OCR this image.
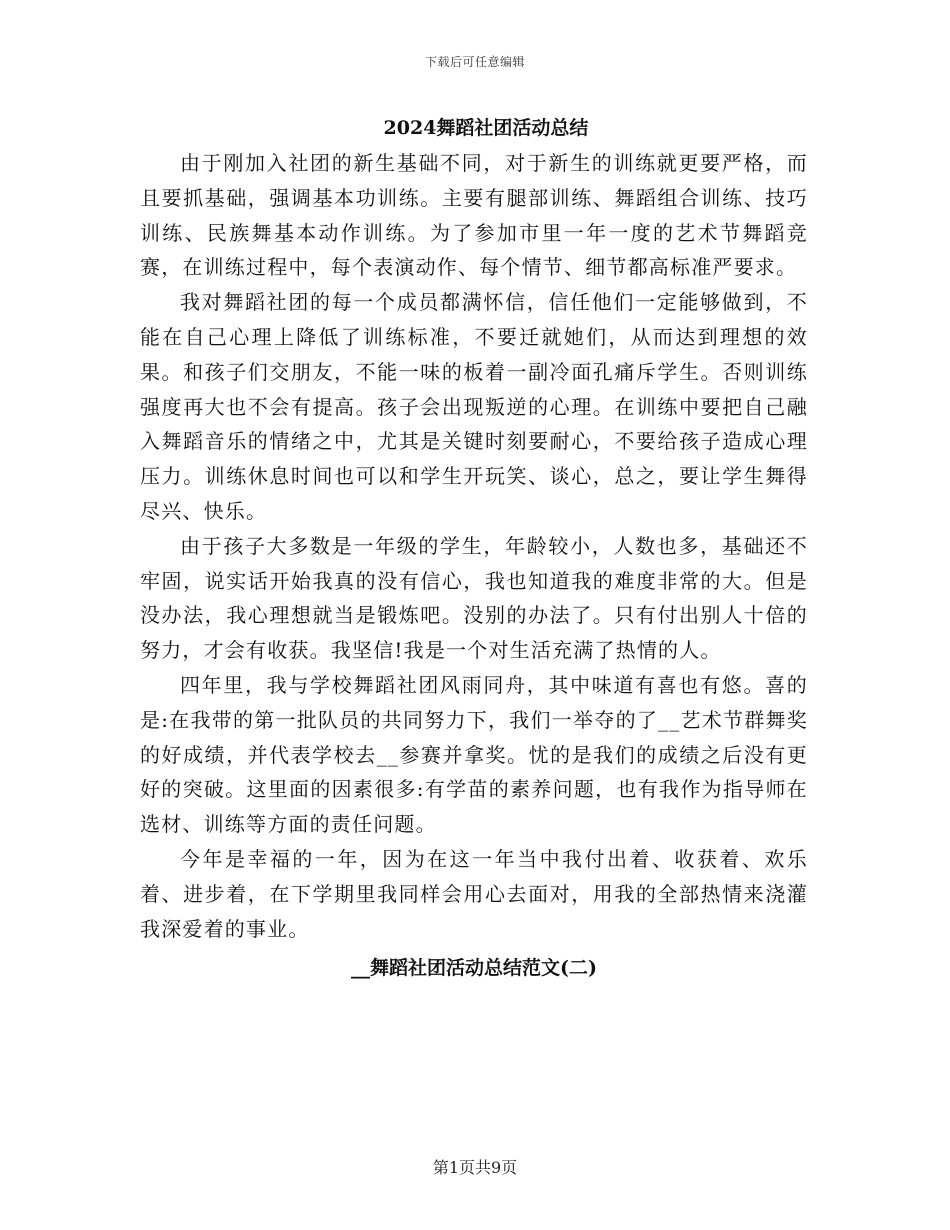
下载后可任意编辑
2024舞蹈社团活动总结

由于刚加入社团的新生基础不同，对于新生的训练就更要严格，而且要抓基础，强调基本功训练。主要有腿部训练、舞蹈组合训练、技巧训练、民族舞基本动作训练。为了参加市里一年一度的艺术节舞蹈竞赛，在训练过程中，每个表演动作、每个情节、细节都高标准严要求。

我对舞蹈社团的每一个成员都满怀信，信任他们一定能够做到，不能在自己心理上降低了训练标准，不要迁就她们，从而达到理想的效果。和孩子们交朋友，不能一味的板着一副冷面孔痛斥学生。否则训练强度再大也不会有提高。孩子会出现叛逆的心理。在训练中要把自己融入舞蹈音乐的情绪之中，尤其是关键时刻要耐心，不要给孩子造成心理压力。训练休息时间也可以和学生开玩笑、谈心，总之，要让学生舞得尽兴、快乐。

由于孩子大多数是一年级的学生，年龄较小，人数也多，基础还不牢固，说实话开始我真的没有信心，我也知道我的难度非常的大。但是没办法，我心理想就当是锻炼吧。没别的办法了。只有付出别人十倍的努力，才会有收获。我坚信!我是一个对生活充满了热情的人。

四年里，我与学校舞蹈社团风雨同舟，其中味道有喜也有悠。喜的是:在我带的第一批队员的共同努力下，我们一举夺的了__艺术节群舞奖的好成绩，并代表学校去__参赛并拿奖。忧的是我们的成绩之后没有更好的突破。这里面的因素很多:有学苗的素养问题，也有我作为指导师在选材、训练等方面的责任问题。

今年是幸福的一年，因为在这一年当中我付出着、收获着、欢乐着、进步着，在下学期里我同样会用心去面对，用我的全部热情来浇灌我深爱着的事业。

__舞蹈社团活动总结范文(二)
第1页共9页
